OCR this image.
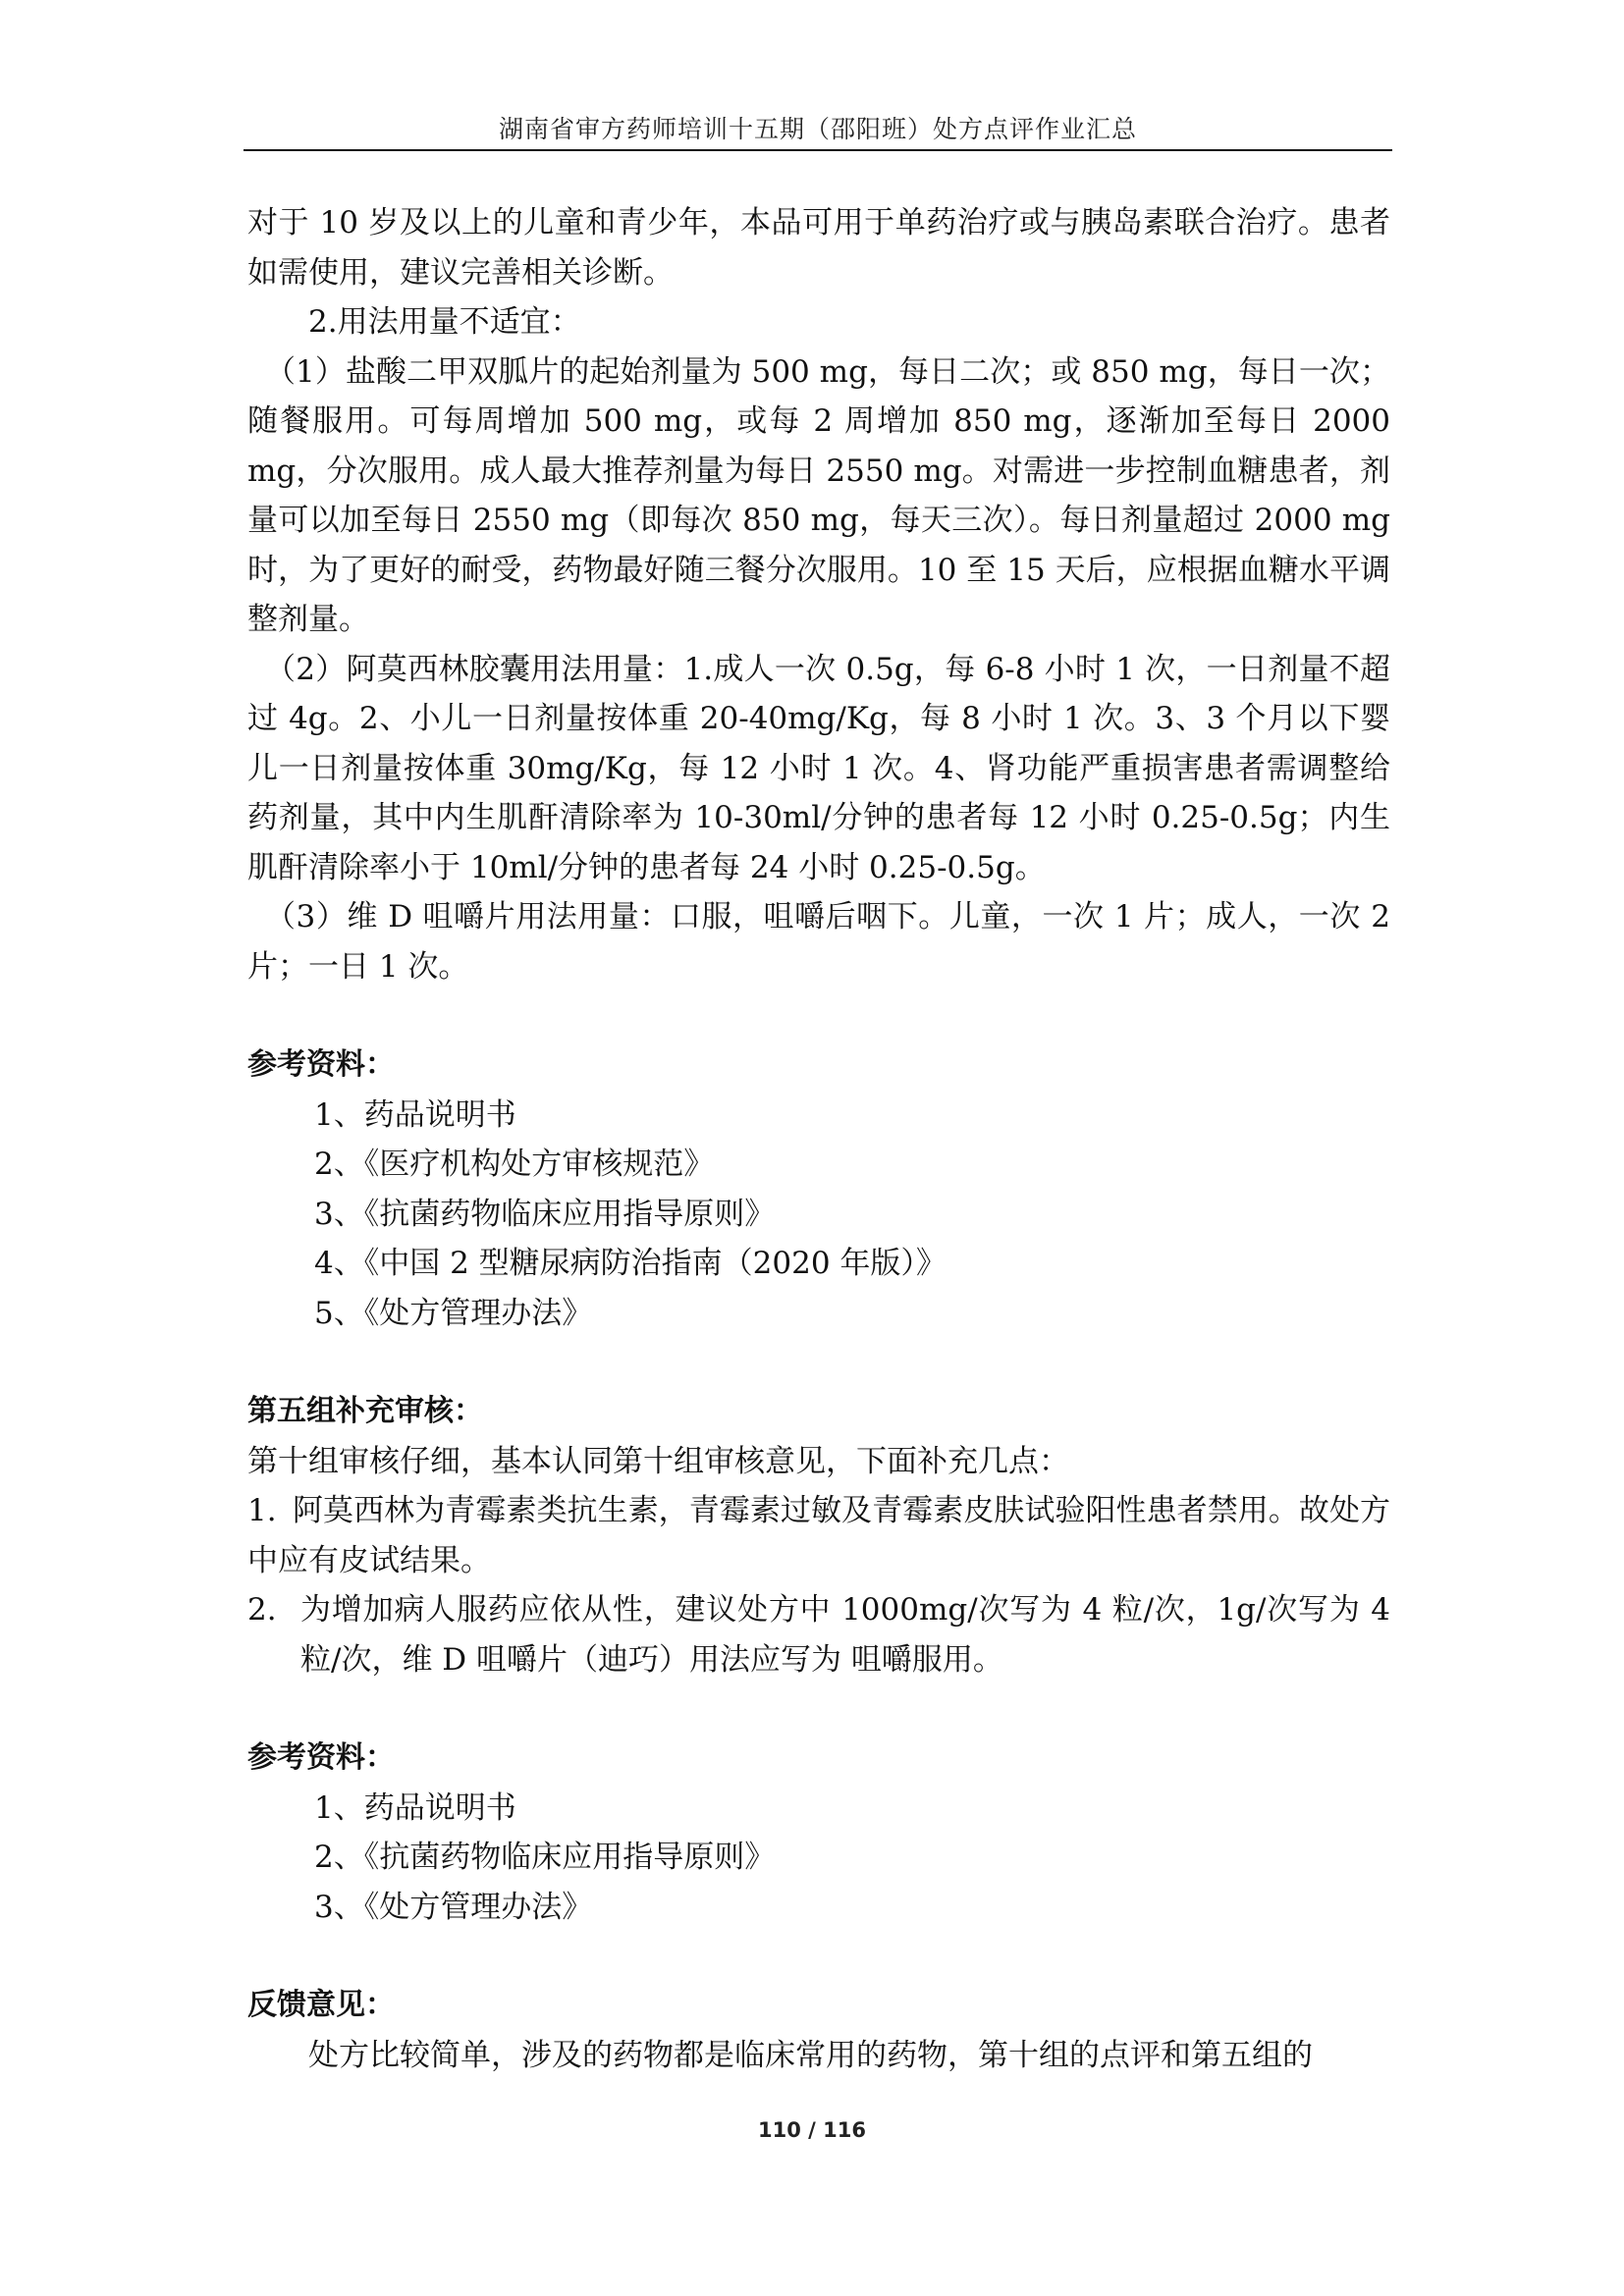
湖南省审方药师培训十五期（邵阳班）处方点评作业汇总

对于 10 岁及以上的儿童和青少年，本品可用于单药治疗或与胰岛素联合治疗。患者如需使用，建议完善相关诊断。

2.用法用量不适宜：

（1）盐酸二甲双胍片的起始剂量为 500 mg，每日二次；或 850 mg，每日一次；随餐服用。可每周增加 500 mg，或每 2 周增加 850 mg，逐渐加至每日 2000 mg，分次服用。成人最大推荐剂量为每日 2550 mg。对需进一步控制血糖患者，剂量可以加至每日 2550 mg（即每次 850 mg，每天三次）。每日剂量超过 2000 mg 时，为了更好的耐受，药物最好随三餐分次服用。10 至 15 天后，应根据血糖水平调整剂量。

（2）阿莫西林胶囊用法用量：1.成人一次 0.5g，每 6-8 小时 1 次，一日剂量不超过 4g。2、小儿一日剂量按体重 20-40mg/Kg，每 8 小时 1 次。3、3 个月以下婴儿一日剂量按体重 30mg/Kg，每 12 小时 1 次。4、肾功能严重损害患者需调整给药剂量，其中内生肌酐清除率为 10-30ml/分钟的患者每 12 小时 0.25-0.5g；内生肌酐清除率小于 10ml/分钟的患者每 24 小时 0.25-0.5g。

（3）维 D 咀嚼片用法用量：口服，咀嚼后咽下。儿童，一次 1 片；成人，一次 2 片；一日 1 次。

参考资料：

1、药品说明书

2、《医疗机构处方审核规范》

3、《抗菌药物临床应用指导原则》

4、《中国 2 型糖尿病防治指南（2020 年版）》

5、《处方管理办法》

第五组补充审核：

第十组审核仔细，基本认同第十组审核意见，下面补充几点：

1. 阿莫西林为青霉素类抗生素，青霉素过敏及青霉素皮肤试验阳性患者禁用。故处方中应有皮试结果。
2. 为增加病人服药应依从性，建议处方中 1000mg/次写为 4 粒/次，1g/次写为 4 粒/次，维 D 咀嚼片（迪巧）用法应写为 咀嚼服用。

参考资料：

1、药品说明书

2、《抗菌药物临床应用指导原则》

3、《处方管理办法》

反馈意见：

处方比较简单，涉及的药物都是临床常用的药物，第十组的点评和第五组的

110 / 116
